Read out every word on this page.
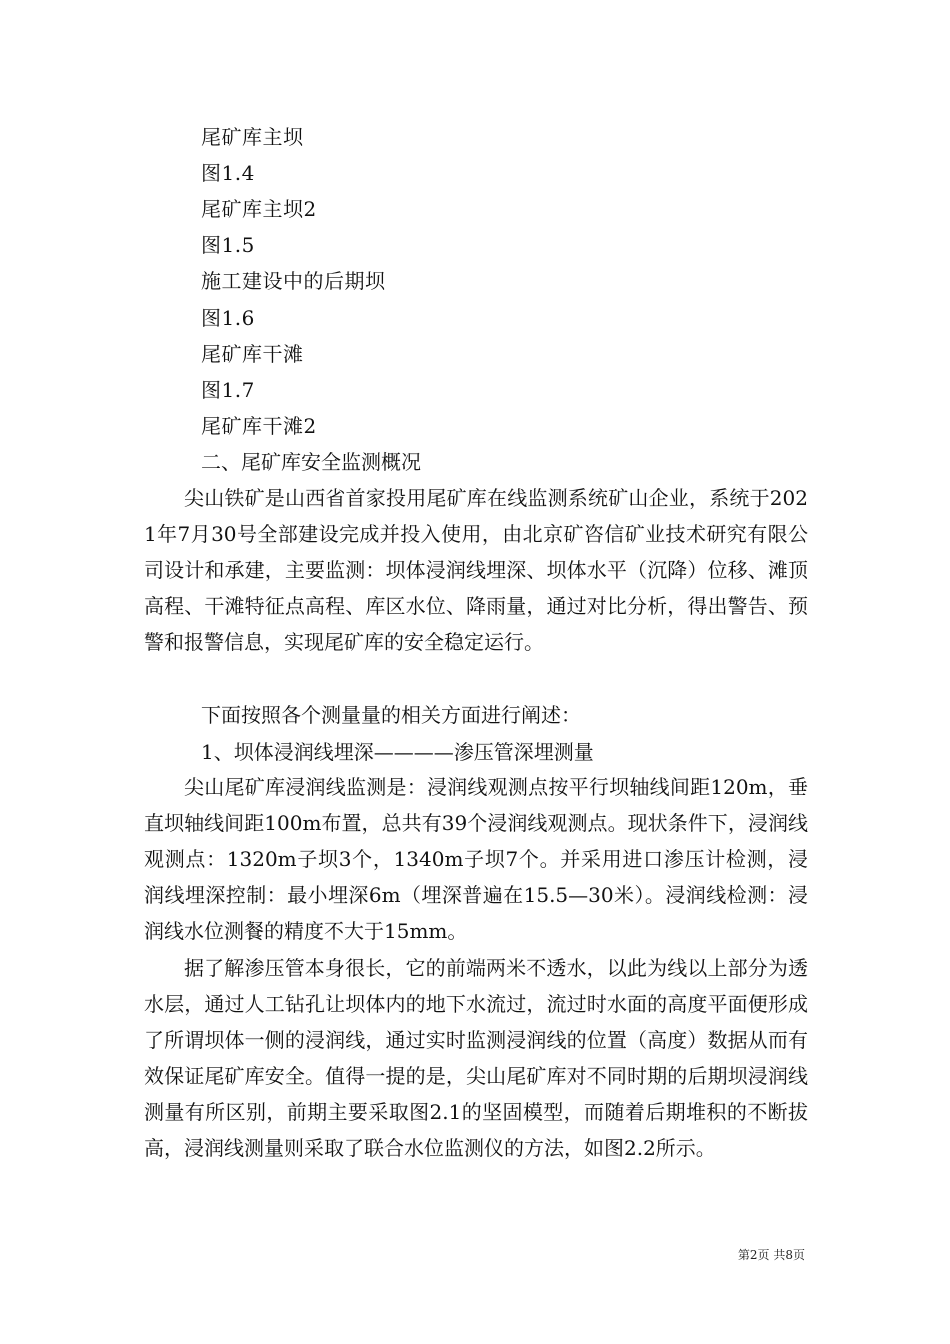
尾矿库主坝
图1.4
尾矿库主坝2
图1.5
施工建设中的后期坝
图1.6
尾矿库干滩
图1.7
尾矿库干滩2
二、尾矿库安全监测概况

尖山铁矿是山西省首家投用尾矿库在线监测系统矿山企业，系统于2021年7月30号全部建设完成并投入使用，由北京矿咨信矿业技术研究有限公司设计和承建，主要监测：坝体浸润线埋深、坝体水平（沉降）位移、滩顶高程、干滩特征点高程、库区水位、降雨量，通过对比分析，得出警告、预警和报警信息，实现尾矿库的安全稳定运行。

下面按照各个测量量的相关方面进行阐述：
1、坝体浸润线埋深————渗压管深埋测量

尖山尾矿库浸润线监测是：浸润线观测点按平行坝轴线间距120m，垂直坝轴线间距100m布置，总共有39个浸润线观测点。现状条件下，浸润线观测点：1320m子坝3个，1340m子坝7个。并采用进口渗压计检测，浸润线埋深控制：最小埋深6m（埋深普遍在15.5—30米）。浸润线检测：浸润线水位测餐的精度不大于15mm。

据了解渗压管本身很长，它的前端两米不透水，以此为线以上部分为透水层，通过人工钻孔让坝体内的地下水流过，流过时水面的高度平面便形成了所谓坝体一侧的浸润线，通过实时监测浸润线的位置（高度）数据从而有效保证尾矿库安全。值得一提的是，尖山尾矿库对不同时期的后期坝浸润线测量有所区别，前期主要采取图2.1的坚固模型，而随着后期堆积的不断拔高，浸润线测量则采取了联合水位监测仪的方法，如图2.2所示。

第2页 共8页
